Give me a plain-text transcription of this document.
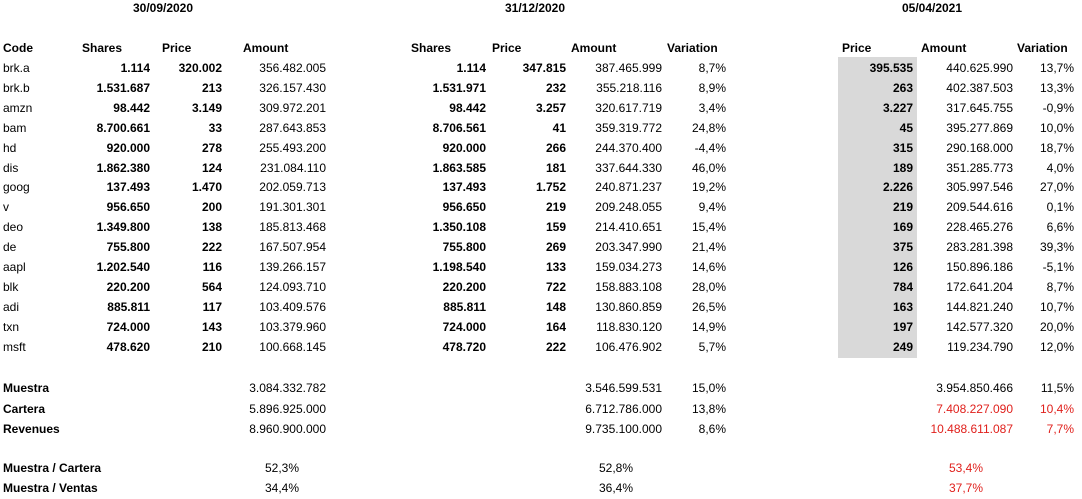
30/09/2020	31/12/2020	05/04/2021
Code	Shares	Price	Amount	Shares	Price	Amount	Variation	Price	Amount	Variation
brk.a	1.114	320.002	356.482.005	1.114	347.815	387.465.999	8,7%	395.535	440.625.990	13,7%
brk.b	1.531.687	213	326.157.430	1.531.971	232	355.218.116	8,9%	263	402.387.503	13,3%
amzn	98.442	3.149	309.972.201	98.442	3.257	320.617.719	3,4%	3.227	317.645.755	-0,9%
bam	8.700.661	33	287.643.853	8.706.561	41	359.319.772	24,8%	45	395.277.869	10,0%
hd	920.000	278	255.493.200	920.000	266	244.370.400	-4,4%	315	290.168.000	18,7%
dis	1.862.380	124	231.084.110	1.863.585	181	337.644.330	46,0%	189	351.285.773	4,0%
goog	137.493	1.470	202.059.713	137.493	1.752	240.871.237	19,2%	2.226	305.997.546	27,0%
v	956.650	200	191.301.301	956.650	219	209.248.055	9,4%	219	209.544.616	0,1%
deo	1.349.800	138	185.813.468	1.350.108	159	214.410.651	15,4%	169	228.465.276	6,6%
de	755.800	222	167.507.954	755.800	269	203.347.990	21,4%	375	283.281.398	39,3%
aapl	1.202.540	116	139.266.157	1.198.540	133	159.034.273	14,6%	126	150.896.186	-5,1%
blk	220.200	564	124.093.710	220.200	722	158.883.108	28,0%	784	172.641.204	8,7%
adi	885.811	117	103.409.576	885.811	148	130.860.859	26,5%	163	144.821.240	10,7%
txn	724.000	143	103.379.960	724.000	164	118.830.120	14,9%	197	142.577.320	20,0%
msft	478.620	210	100.668.145	478.720	222	106.476.902	5,7%	249	119.234.790	12,0%
Muestra	3.084.332.782	3.546.599.531	15,0%	3.954.850.466	11,5%
Cartera	5.896.925.000	6.712.786.000	13,8%	7.408.227.090	10,4%
Revenues	8.960.900.000	9.735.100.000	8,6%	10.488.611.087	7,7%
Muestra / Cartera	52,3%	52,8%	53,4%
Muestra / Ventas	34,4%	36,4%	37,7%
